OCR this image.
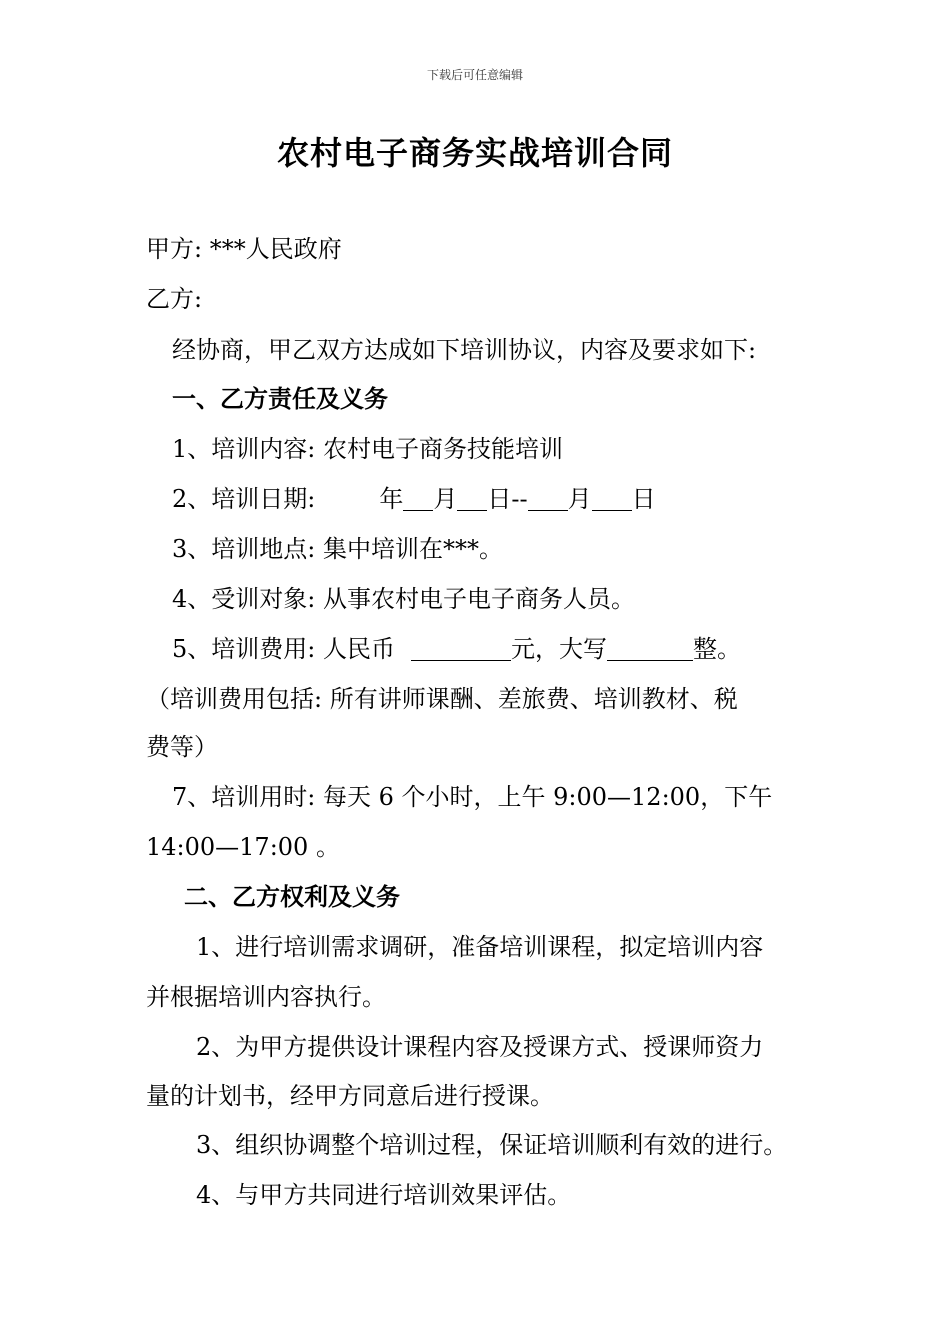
下载后可任意编辑
农村电子商务实战培训合同
甲方: ***人民政府
乙方:
经协商，甲乙双方达成如下培训协议，内容及要求如下:
一、乙方责任及义务
1、培训内容: 农村电子商务技能培训
2、培训日期:	年 月 日-- 月 日
3、培训地点: 集中培训在***。
4、受训对象: 从事农村电子电子商务人员。
5、培训费用: 人民币	元，大写	整。
（培训费用包括: 所有讲师课酬、差旅费、培训教材、税
费等）
7、培训用时: 每天 6 个小时，上午 9:00—12:00，下午
14:00—17:00 。
二、乙方权利及义务
1、进行培训需求调研，准备培训课程，拟定培训内容
并根据培训内容执行。
2、为甲方提供设计课程内容及授课方式、授课师资力
量的计划书，经甲方同意后进行授课。
3、组织协调整个培训过程，保证培训顺利有效的进行。
4、与甲方共同进行培训效果评估。
